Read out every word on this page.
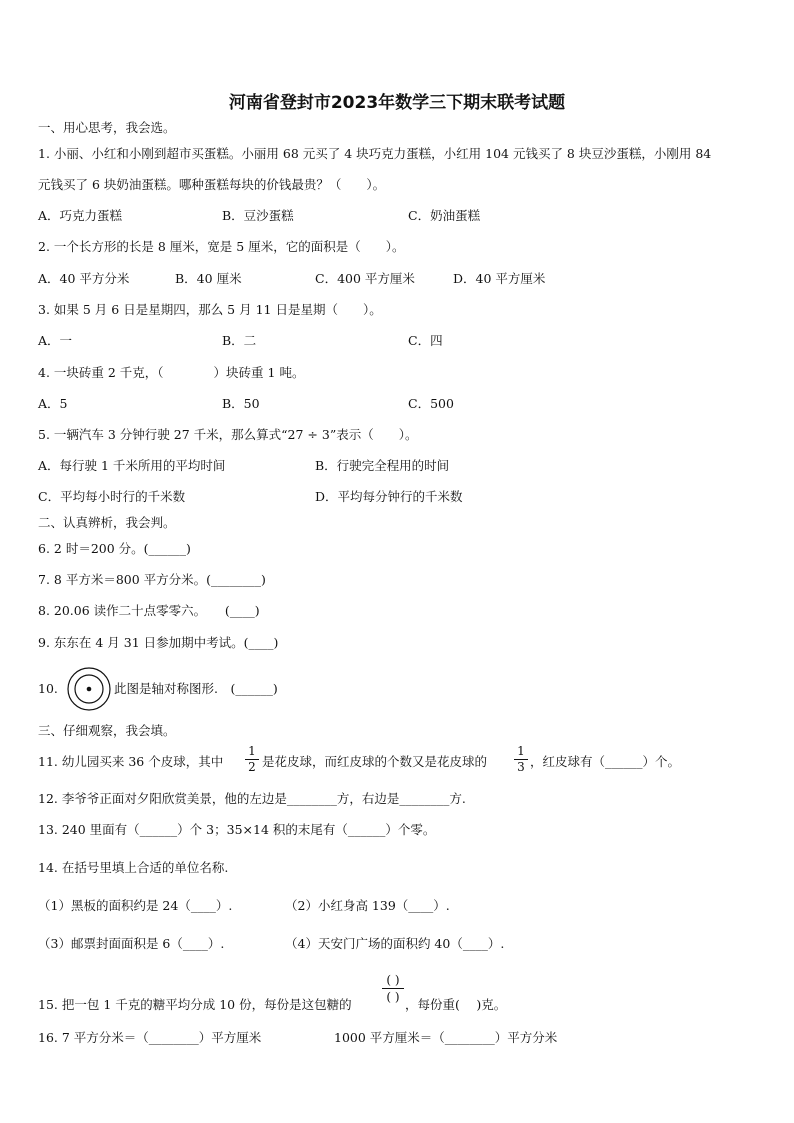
河南省登封市2023年数学三下期末联考试题
一、用心思考，我会选。
1. 小丽、小红和小刚到超市买蛋糕。小丽用 68 元买了 4 块巧克力蛋糕，小红用 104 元钱买了 8 块豆沙蛋糕，小刚用 84
元钱买了 6 块奶油蛋糕。哪种蛋糕每块的价钱最贵？（　　）。
A．巧克力蛋糕	B．豆沙蛋糕	C．奶油蛋糕
2. 一个长方形的长是 8 厘米，宽是 5 厘米，它的面积是（　　）。
A．40 平方分米	B．40 厘米	C．400 平方厘米	D．40 平方厘米
3. 如果 5 月 6 日是星期四，那么 5 月 11 日是星期（　　）。
A．一	B．二	C．四
4. 一块砖重 2 千克，（　　　　）块砖重 1 吨。
A．5	B．50	C．500
5. 一辆汽车 3 分钟行驶 27 千米，那么算式“27 ÷ 3”表示（　　）。
A．每行驶 1 千米所用的平均时间	B．行驶完全程用的时间
C．平均每小时行的千米数	D．平均每分钟行的千米数
二、认真辨析，我会判。
6. 2 时＝200 分。(______)
7. 8 平方米＝800 平方分米。(________)
8. 20.06 读作二十点零零六。　　(____)
9. 东东在 4 月 31 日参加期中考试。(____)
10.	此图是轴对称图形.　(______)
三、仔细观察，我会填。
11. 幼儿园买来 36 个皮球，其中
1
2 是花皮球，而红皮球的个数又是花皮球的
1
3 ，红皮球有（______）个。
12. 李爷爷正面对夕阳欣赏美景，他的左边是________方，右边是________方.
13. 240 里面有（______）个 3；35×14 积的末尾有（______）个零。
14. 在括号里填上合适的单位名称.
（1）黑板的面积约是 24（____）.	（2）小红身高 139（____）.
（3）邮票封面面积是 6（____）.	（4）天安门广场的面积约 40（____）.
15. 把一包 1 千克的糖平均分成 10 份，每份是这包糖的
( )
( ) ，每份重(　 )克。
16. 7 平方分米＝（________）平方厘米	1000 平方厘米＝（________）平方分米
